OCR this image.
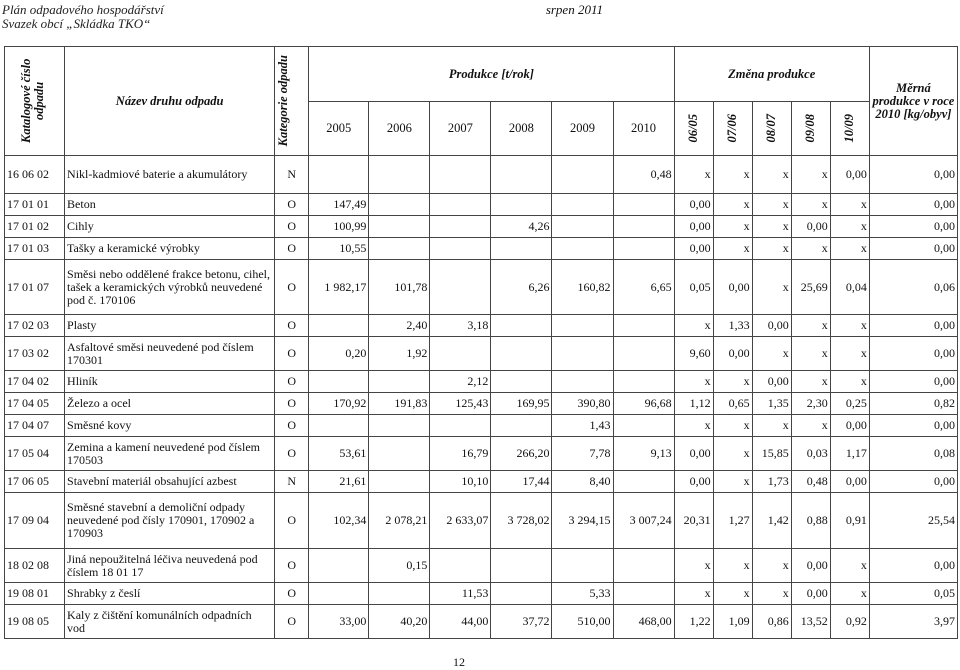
Plán odpadového hospodářství
Svazek obcí „Skládka TKO“
srpen 2011
Katalogové číslo odpadu	Název druhu odpadu	Kategorie odpadu	Produkce [t/rok]						Změna produkce					Měrná produkce v roce 2010 [kg/obyv]
			2005	2006	2007	2008	2009	2010	06/05	07/06	08/07	09/08	10/09	

16 06 02	Nikl-kadmiové baterie a akumulátory	N						0,48	x	x	x	x	0,00	0,00
17 01 01	Beton	O	147,49						0,00	x	x	x	x	0,00
17 01 02	Cihly	O	100,99			4,26			0,00	x	x	0,00	x	0,00
17 01 03	Tašky a keramické výrobky	O	10,55						0,00	x	x	x	x	0,00
17 01 07	Směsi nebo oddělené frakce betonu, cihel, tašek a keramických výrobků neuvedené pod č. 170106	O	1 982,17	101,78		6,26	160,82	6,65	0,05	0,00	x	25,69	0,04	0,06
17 02 03	Plasty	O		2,40	3,18				x	1,33	0,00	x	x	0,00
17 03 02	Asfaltové směsi neuvedené pod číslem 170301	O	0,20	1,92					9,60	0,00	x	x	x	0,00
17 04 02	Hliník	O			2,12				x	x	0,00	x	x	0,00
17 04 05	Železo a ocel	O	170,92	191,83	125,43	169,95	390,80	96,68	1,12	0,65	1,35	2,30	0,25	0,82
17 04 07	Směsné kovy	O					1,43		x	x	x	x	0,00	0,00
17 05 04	Zemina a kamení neuvedené pod číslem 170503	O	53,61		16,79	266,20	7,78	9,13	0,00	x	15,85	0,03	1,17	0,08
17 06 05	Stavební materiál obsahující azbest	N	21,61		10,10	17,44	8,40		0,00	x	1,73	0,48	0,00	0,00
17 09 04	Směsné stavební a demoliční odpady neuvedené pod čísly 170901, 170902 a 170903	O	102,34	2 078,21	2 633,07	3 728,02	3 294,15	3 007,24	20,31	1,27	1,42	0,88	0,91	25,54
18 02 08	Jiná nepoužitelná léčiva neuvedená pod číslem 18 01 17	O		0,15					x	x	x	0,00	x	0,00
19 08 01	Shrabky z česlí	O			11,53		5,33		x	x	x	0,00	x	0,05
19 08 05	Kaly z čištění komunálních odpadních vod	O	33,00	40,20	44,00	37,72	510,00	468,00	1,22	1,09	0,86	13,52	0,92	3,97
12
